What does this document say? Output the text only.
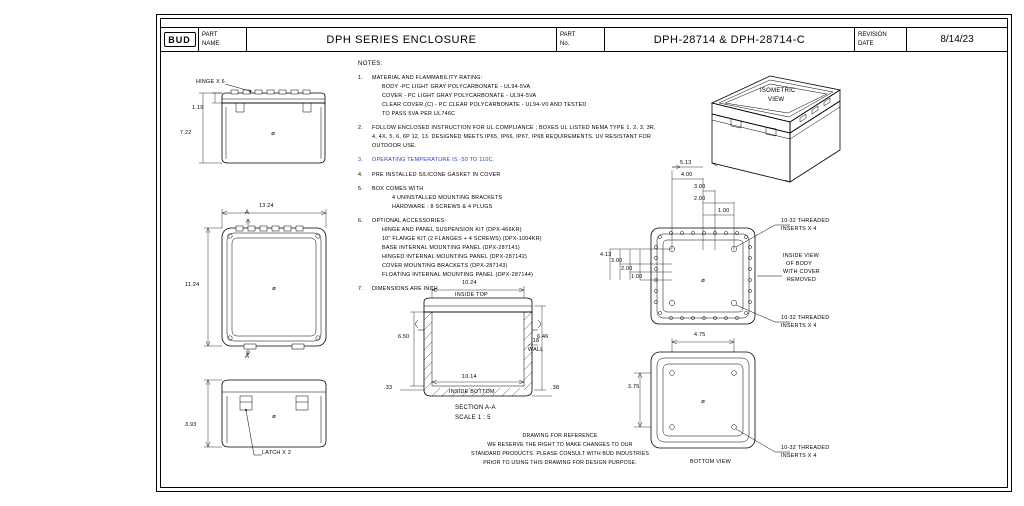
BUD	PART
NAME	DPH SERIES ENCLOSURE	PART
No.	DPH-28714 & DPH-28714-C	REVISION
DATE	8/14/23
NOTES:
1.	MATERIAL AND FLAMMABILITY RATING:
BODY -PC LIGHT GRAY POLYCARBONATE - UL94-5VA
COVER - PC LIGHT GRAY POLYCARBONATE - UL94-5VA
CLEAR COVER (C) - PC CLEAR POLYCARBONATE - UL94-V0 AND TESTED
TO PASS 5VA PER UL746C
2.	FOLLOW ENCLOSED INSTRUCTION FOR UL COMPLIANCE ; BOXES UL LISTED NEMA TYPE 1, 2, 3, 3R, 4, 4X, 5, 6, 6P 12, 13. DESIGNED MEETS IP65, IP66, IP67, IP68 REQUIREMENTS. UV RESISTANT FOR OUTDOOR USE.
3.	OPERATING TEMPERATURE IS -50 TO 110C.
4.	PRE INSTALLED SILICONE GASKET IN COVER
5.	BOX COMES WITH
4 UNINSTALLED MOUNTING BRACKETS
HARDWARE : 8 SCREWS & 4 PLUGS
6.	OPTIONAL ACCESSORIES:
HINGE AND PANEL SUSPENSION KIT (DPX-466KR)
10" FLANGE KIT (2 FLANGES + 4 SCREWS) (DPX-1004KR)
BASE INTERNAL MOUNTING PANEL (DPX-287141)
HINGED INTERNAL MOUNTING PANEL (DPX-287142)
COVER MOUNTING BRACKETS (DPX-287143)
FLOATING INTERNAL MOUNTING PANEL (DPX-287144)
7.	DIMENSIONS ARE INCH
⌀
⌀
⌀
⌀
⌀
HINGE X 6
1.19
7.22
13.24
11.24
A
A
3.93
LATCH X 2
10.24
INSIDE TOP
10.14
INSIDE BOTTOM
6.50	6.46
.18
WALL
.33	.38
SECTION A-A
SCALE 1 : 5
ISOMETRIC
VIEW
5.13
4.00
3.00
2.00
1.00
4.13
3.00
2.00
1.00
10-32 THREADED
INSERTS X 4
INSIDE VIEW
OF BODY
WITH COVER
REMOVED
10-32 THREADED
INSERTS X 4
4.75
3.75
BOTTOM VIEW
10-32 THREADED
INSERTS X 4
DRAWING FOR REFERENCE
WE RESERVE THE RIGHT TO MAKE CHANGES TO OUR
STANDARD PRODUCTS. PLEASE CONSULT WITH BUD INDUSTRIES
PRIOR TO USING THIS DRAWING FOR DESIGN PURPOSE.
